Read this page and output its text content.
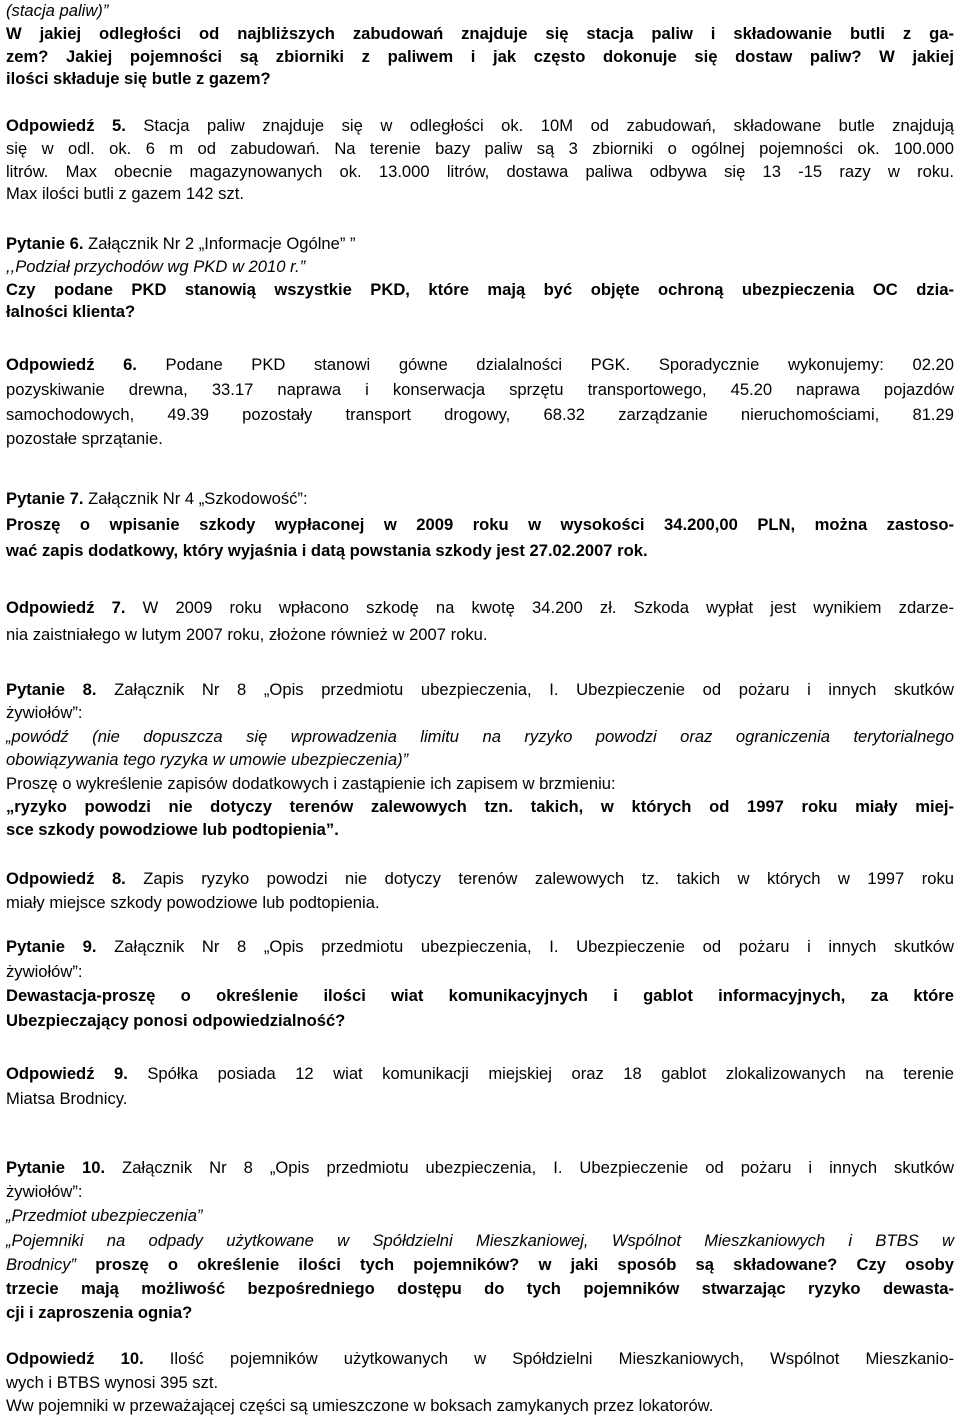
(stacja paliw)”
W jakiej odległości od najbliższych zabudowań znajduje się stacja paliw i składowanie butli z ga-
zem? Jakiej pojemności są zbiorniki z paliwem i jak często dokonuje się dostaw paliw? W jakiej
ilości składuje się butle z gazem?
Odpowiedź 5. Stacja paliw znajduje się w odległości ok. 10M od zabudowań, składowane butle znajdują
się w odl. ok. 6 m od zabudowań. Na terenie bazy paliw są 3 zbiorniki o ogólnej pojemności ok. 100.000
litrów. Max obecnie magazynowanych ok. 13.000 litrów, dostawa paliwa odbywa się 13 -15 razy w roku.
Max ilości butli z gazem 142 szt.
Pytanie 6. Załącznik Nr 2 „Informacje Ogólne” ”
,,Podział przychodów wg PKD w 2010 r.”
Czy podane PKD stanowią wszystkie PKD, które mają być objęte ochroną ubezpieczenia OC dzia-
łalności klienta?
Odpowiedź 6. Podane PKD stanowi gówne dzialalności PGK. Sporadycznie wykonujemy: 02.20
pozyskiwanie drewna, 33.17 naprawa i konserwacja sprzętu transportowego, 45.20 naprawa pojazdów
samochodowych, 49.39 pozostały transport drogowy, 68.32 zarządzanie nieruchomościami, 81.29
pozostałe sprzątanie.
Pytanie 7. Załącznik Nr 4 „Szkodowość”:
Proszę o wpisanie szkody wypłaconej w 2009 roku w wysokości 34.200,00 PLN, można zastoso-
wać zapis dodatkowy, który wyjaśnia i datą powstania szkody jest 27.02.2007 rok.
Odpowiedź 7. W 2009 roku wpłacono szkodę na kwotę 34.200 zł. Szkoda wypłat jest wynikiem zdarze-
nia zaistniałego w lutym 2007 roku, złożone również w 2007 roku.
Pytanie 8. Załącznik Nr 8 „Opis przedmiotu ubezpieczenia, I. Ubezpieczenie od pożaru i innych skutków
żywiołów”:
„powódź (nie dopuszcza się wprowadzenia limitu na ryzyko powodzi oraz ograniczenia terytorialnego
obowiązywania tego ryzyka w umowie ubezpieczenia)”
Proszę o wykreślenie zapisów dodatkowych i zastąpienie ich zapisem w brzmieniu:
„ryzyko powodzi nie dotyczy terenów zalewowych tzn. takich, w których od 1997 roku miały miej-
sce szkody powodziowe lub podtopienia”.
Odpowiedź 8. Zapis ryzyko powodzi nie dotyczy terenów zalewowych tz. takich w których w 1997 roku
miały miejsce szkody powodziowe lub podtopienia.
Pytanie 9. Załącznik Nr 8 „Opis przedmiotu ubezpieczenia, I. Ubezpieczenie od pożaru i innych skutków
żywiołów”:
Dewastacja-proszę o określenie ilości wiat komunikacyjnych i gablot informacyjnych, za które
Ubezpieczający ponosi odpowiedzialność?
Odpowiedź 9. Spółka posiada 12 wiat komunikacji miejskiej oraz 18 gablot zlokalizowanych na terenie
Miatsa Brodnicy.
Pytanie 10. Załącznik Nr 8 „Opis przedmiotu ubezpieczenia, I. Ubezpieczenie od pożaru i innych skutków
żywiołów”:
„Przedmiot ubezpieczenia”
„Pojemniki na odpady użytkowane w Spółdzielni Mieszkaniowej, Wspólnot Mieszkaniowych i BTBS w
Brodnicy” proszę o określenie ilości tych pojemników? w jaki sposób są składowane? Czy osoby
trzecie mają możliwość bezpośredniego dostępu do tych pojemników stwarzając ryzyko dewasta-
cji i zaproszenia ognia?
Odpowiedź 10. Ilość pojemników użytkowanych w Spółdzielni Mieszkaniowych, Wspólnot Mieszkanio-
wych i BTBS wynosi 395 szt.
Ww pojemniki w przeważającej części są umieszczone w boksach zamykanych przez lokatorów.
